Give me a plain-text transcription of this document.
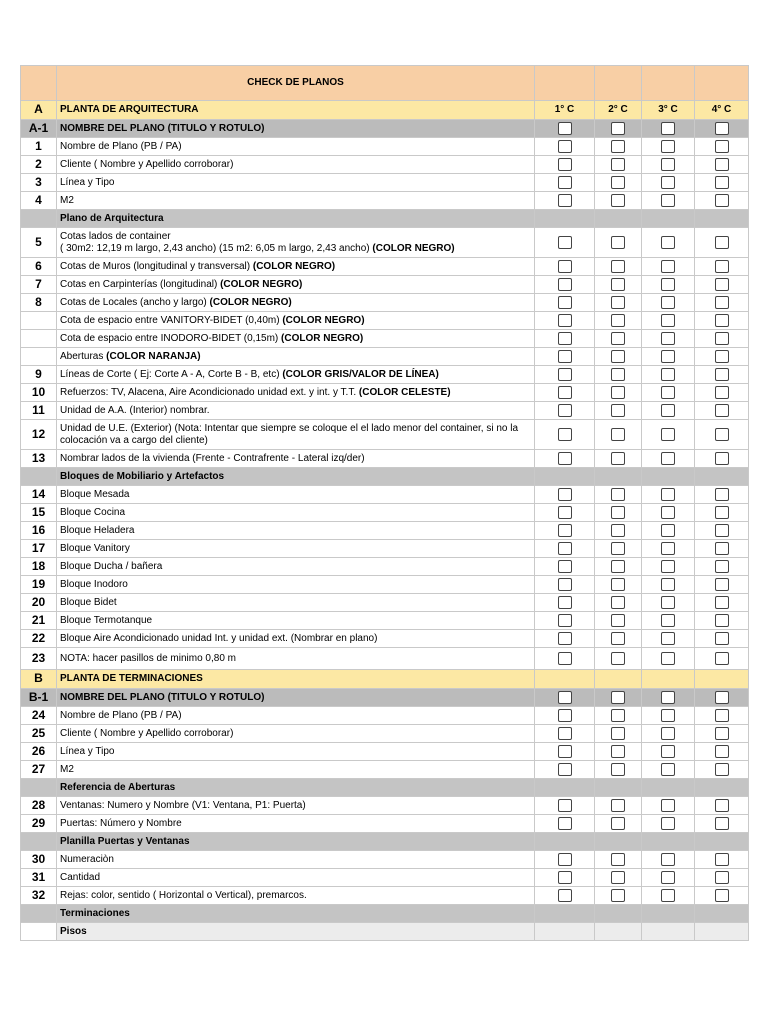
	CHECK DE PLANOS				
A	PLANTA DE ARQUITECTURA	1° C	2° C	3° C	4° C
A-1	NOMBRE DEL PLANO (TITULO Y ROTULO)				
1	Nombre de Plano (PB / PA)				
2	Cliente ( Nombre y Apellido corroborar)				
3	Línea y Tipo				
4	M2				
	Plano de Arquitectura				
5	Cotas lados de container
( 30m2: 12,19 m largo, 2,43 ancho) (15 m2: 6,05 m largo, 2,43 ancho) (COLOR NEGRO)				
6	Cotas de Muros (longitudinal y transversal) (COLOR NEGRO)				
7	Cotas en Carpinterías (longitudinal) (COLOR NEGRO)				
8	Cotas de Locales (ancho y largo) (COLOR NEGRO)				
	Cota de espacio entre VANITORY-BIDET (0,40m) (COLOR NEGRO)				
	Cota de espacio entre INODORO-BIDET (0,15m) (COLOR NEGRO)				
	Aberturas (COLOR NARANJA)				
9	Líneas de Corte ( Ej: Corte A - A, Corte B - B, etc) (COLOR GRIS/VALOR DE LÍNEA)				
10	Refuerzos: TV, Alacena, Aire Acondicionado unidad ext. y int. y T.T. (COLOR CELESTE)				
11	Unidad de A.A. (Interior) nombrar.				
12	Unidad de U.E. (Exterior) (Nota: Intentar que siempre se coloque el el lado menor del container, si no la colocación va a cargo del cliente)				
13	Nombrar lados de la vivienda (Frente - Contrafrente - Lateral izq/der)				
	Bloques de Mobiliario y Artefactos				
14	Bloque Mesada				
15	Bloque Cocina				
16	Bloque Heladera				
17	Bloque Vanitory				
18	Bloque Ducha / bañera				
19	Bloque Inodoro				
20	Bloque Bidet				
21	Bloque Termotanque				
22	Bloque Aire Acondicionado unidad Int. y unidad ext. (Nombrar en plano)				
23	NOTA: hacer pasillos de minimo 0,80 m				
B	PLANTA DE TERMINACIONES				
B-1	NOMBRE DEL PLANO (TITULO Y ROTULO)				
24	Nombre de Plano (PB / PA)				
25	Cliente ( Nombre y Apellido corroborar)				
26	Línea y Tipo				
27	M2				
	Referencia de Aberturas				
28	Ventanas: Numero y Nombre (V1: Ventana, P1: Puerta)				
29	Puertas: Número y Nombre				
	Planilla Puertas y Ventanas				
30	Numeraciòn				
31	Cantidad				
32	Rejas: color, sentido ( Horizontal o Vertical), premarcos.				
	Terminaciones				
	Pisos				
